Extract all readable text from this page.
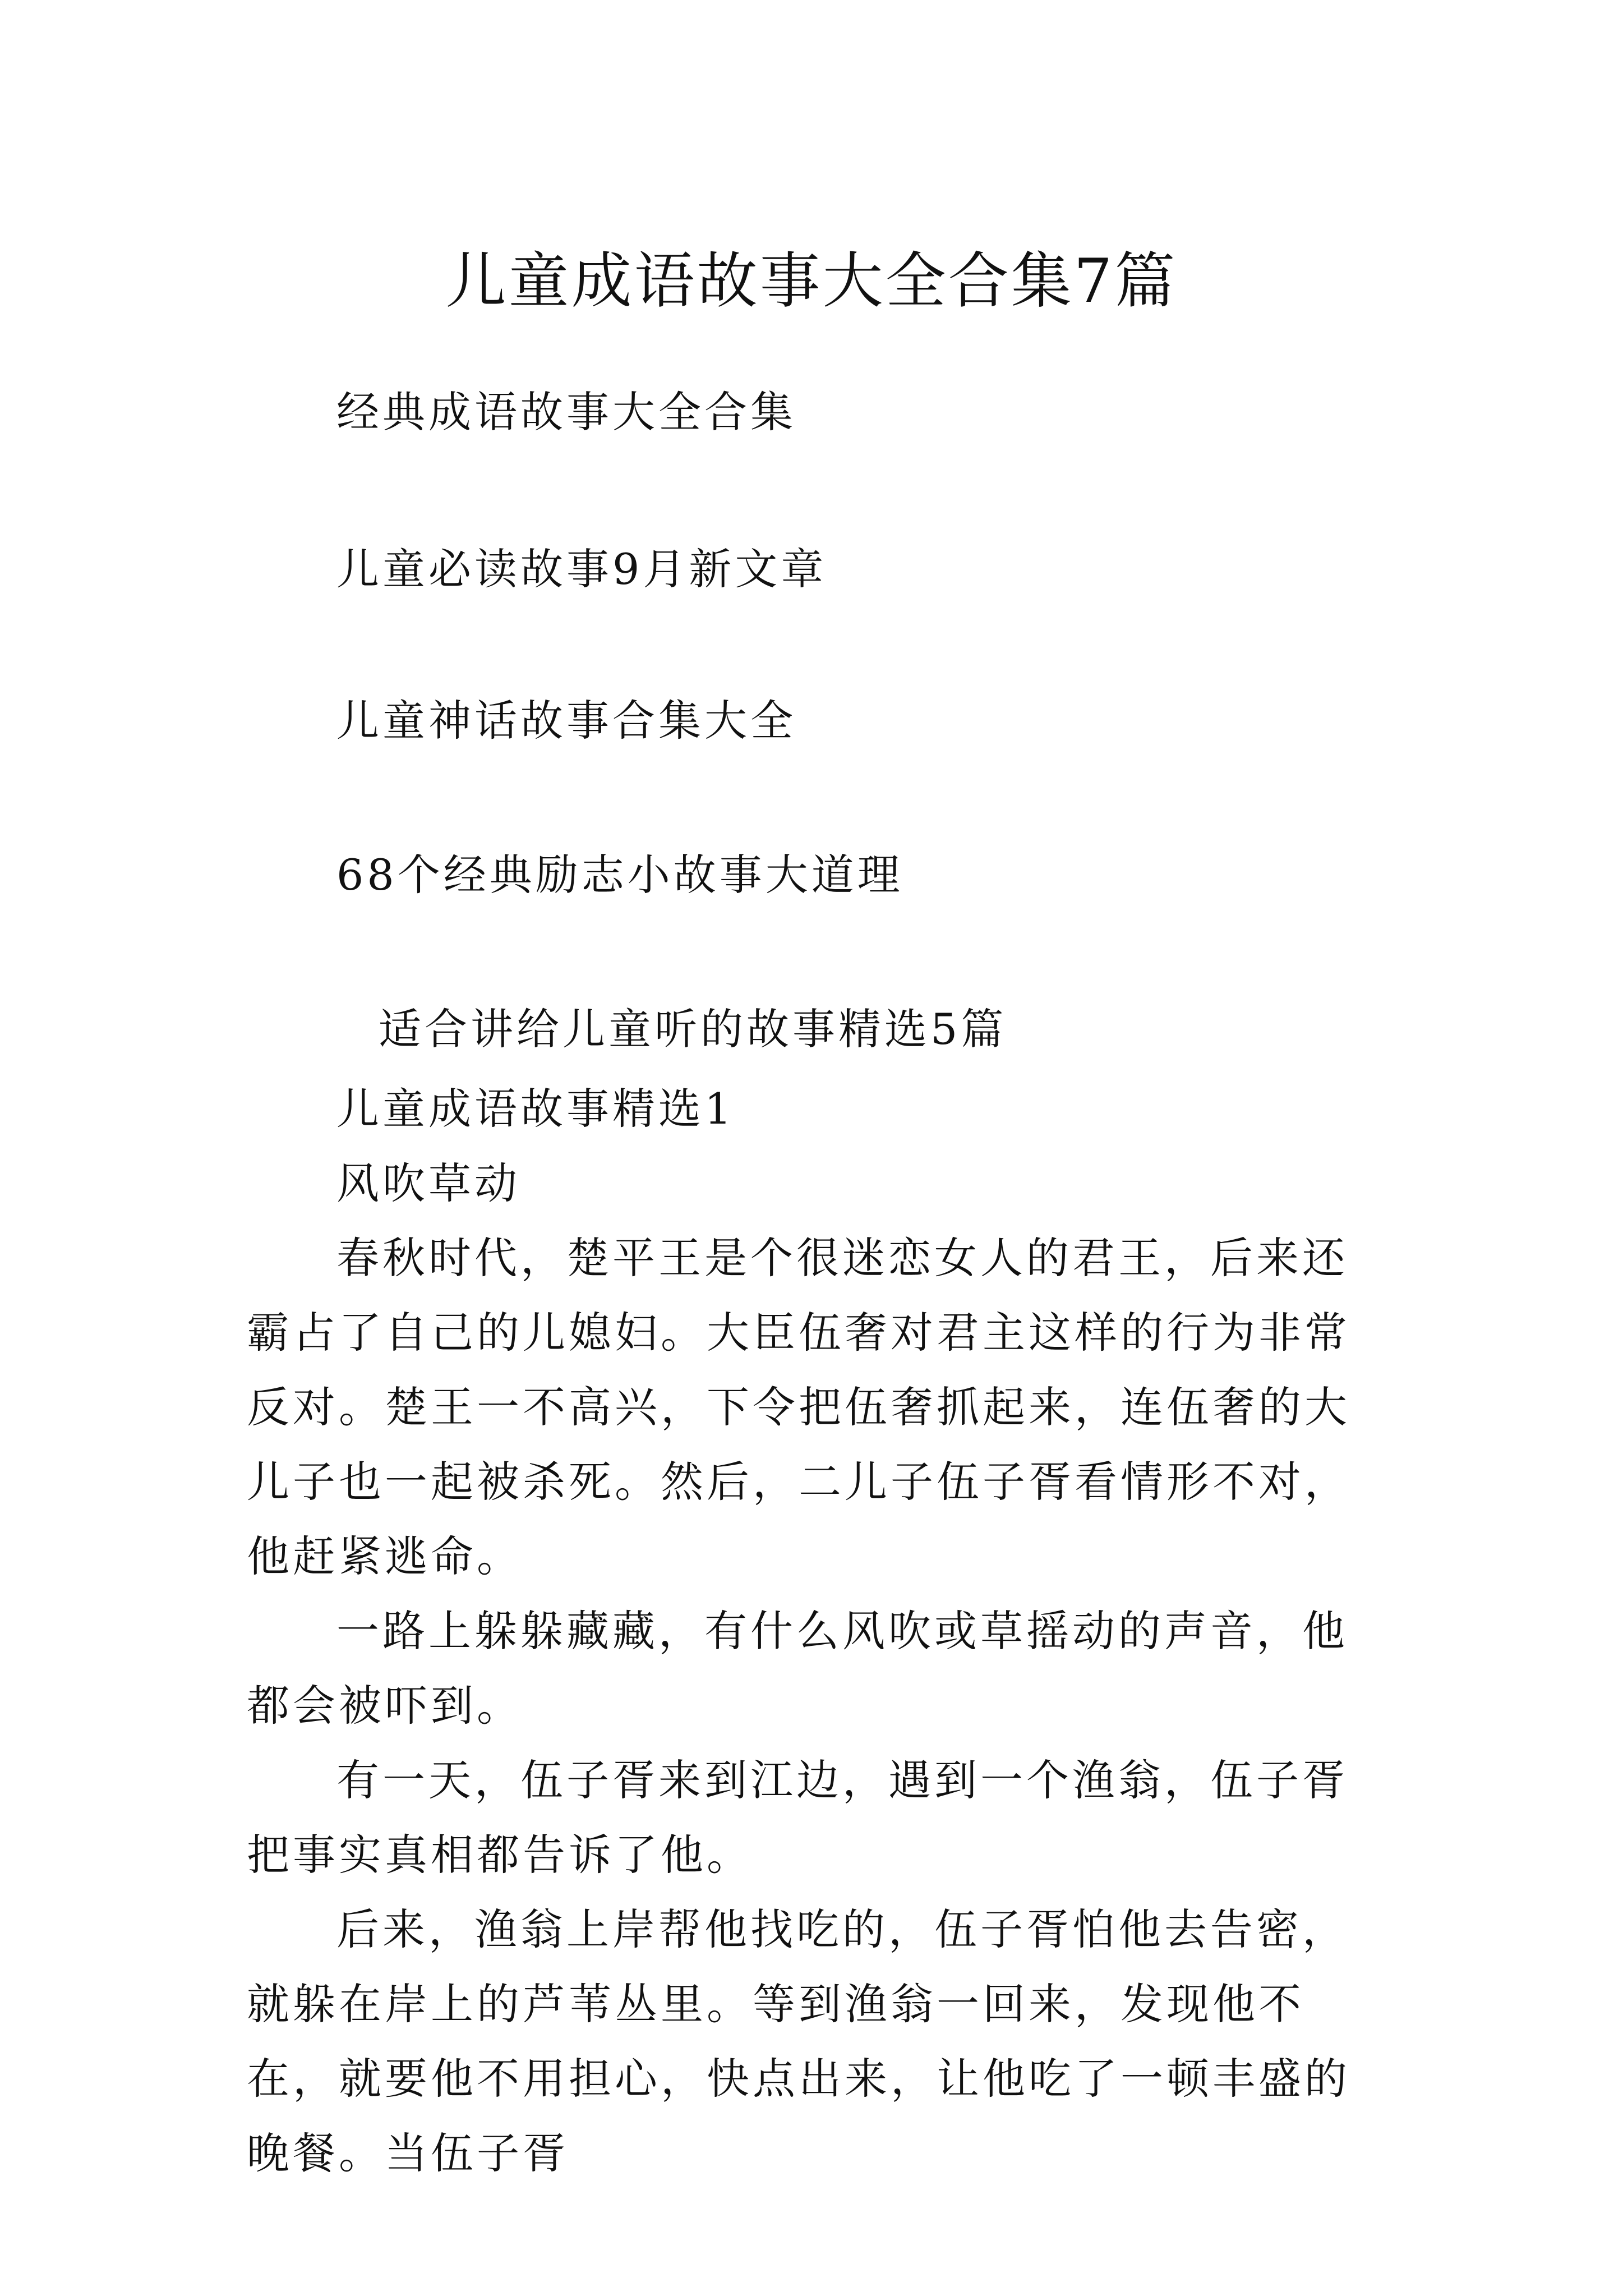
儿童成语故事大全合集7篇
经典成语故事大全合集
儿童必读故事9月新文章
儿童神话故事合集大全
68个经典励志小故事大道理
适合讲给儿童听的故事精选5篇

儿童成语故事精选1

风吹草动

春秋时代，楚平王是个很迷恋女人的君王，后来还霸占了自己的儿媳妇。大臣伍奢对君主这样的行为非常反对。楚王一不高兴，下令把伍奢抓起来，连伍奢的大儿子也一起被杀死。然后，二儿子伍子胥看情形不对，他赶紧逃命。

一路上躲躲藏藏，有什么风吹或草摇动的声音，他都会被吓到。

有一天，伍子胥来到江边，遇到一个渔翁，伍子胥把事实真相都告诉了他。

后来，渔翁上岸帮他找吃的，伍子胥怕他去告密，就躲在岸上的芦苇丛里。等到渔翁一回来，发现他不在，就要他不用担心，快点出来，让他吃了一顿丰盛的晚餐。当伍子胥
